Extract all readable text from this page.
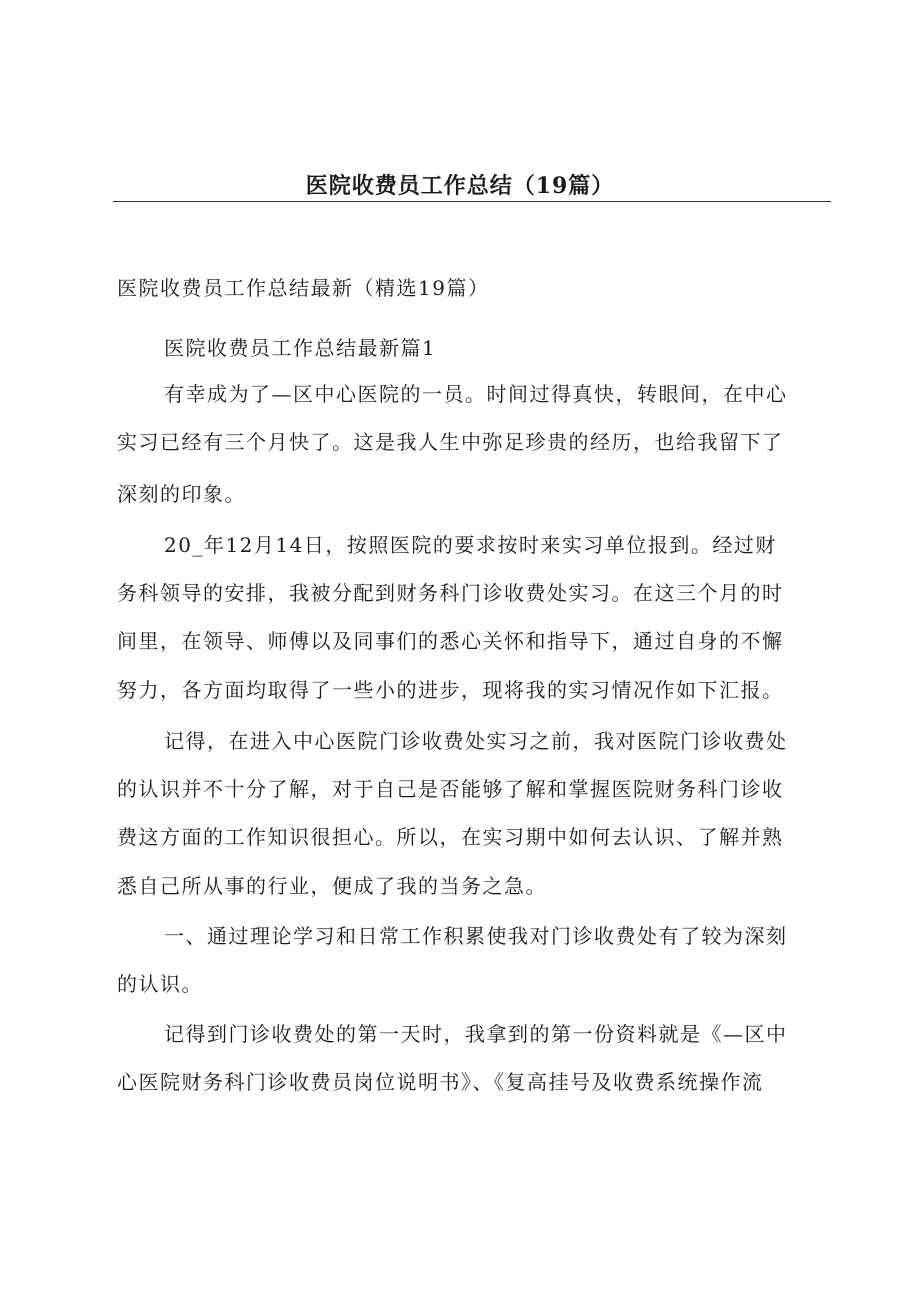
医院收费员工作总结（19篇）

医院收费员工作总结最新（精选19篇）

医院收费员工作总结最新篇1

有幸成为了—区中心医院的一员。时间过得真快，转眼间，在中心

实习已经有三个月快了。这是我人生中弥足珍贵的经历，也给我留下了

深刻的印象。

20_年12月14日，按照医院的要求按时来实习单位报到。经过财

务科领导的安排，我被分配到财务科门诊收费处实习。在这三个月的时

间里，在领导、师傅以及同事们的悉心关怀和指导下，通过自身的不懈

努力，各方面均取得了一些小的进步，现将我的实习情况作如下汇报。

记得，在进入中心医院门诊收费处实习之前，我对医院门诊收费处

的认识并不十分了解，对于自己是否能够了解和掌握医院财务科门诊收

费这方面的工作知识很担心。所以，在实习期中如何去认识、了解并熟

悉自己所从事的行业，便成了我的当务之急。

一、通过理论学习和日常工作积累使我对门诊收费处有了较为深刻

的认识。

记得到门诊收费处的第一天时，我拿到的第一份资料就是《—区中

心医院财务科门诊收费员岗位说明书》、《复高挂号及收费系统操作流
